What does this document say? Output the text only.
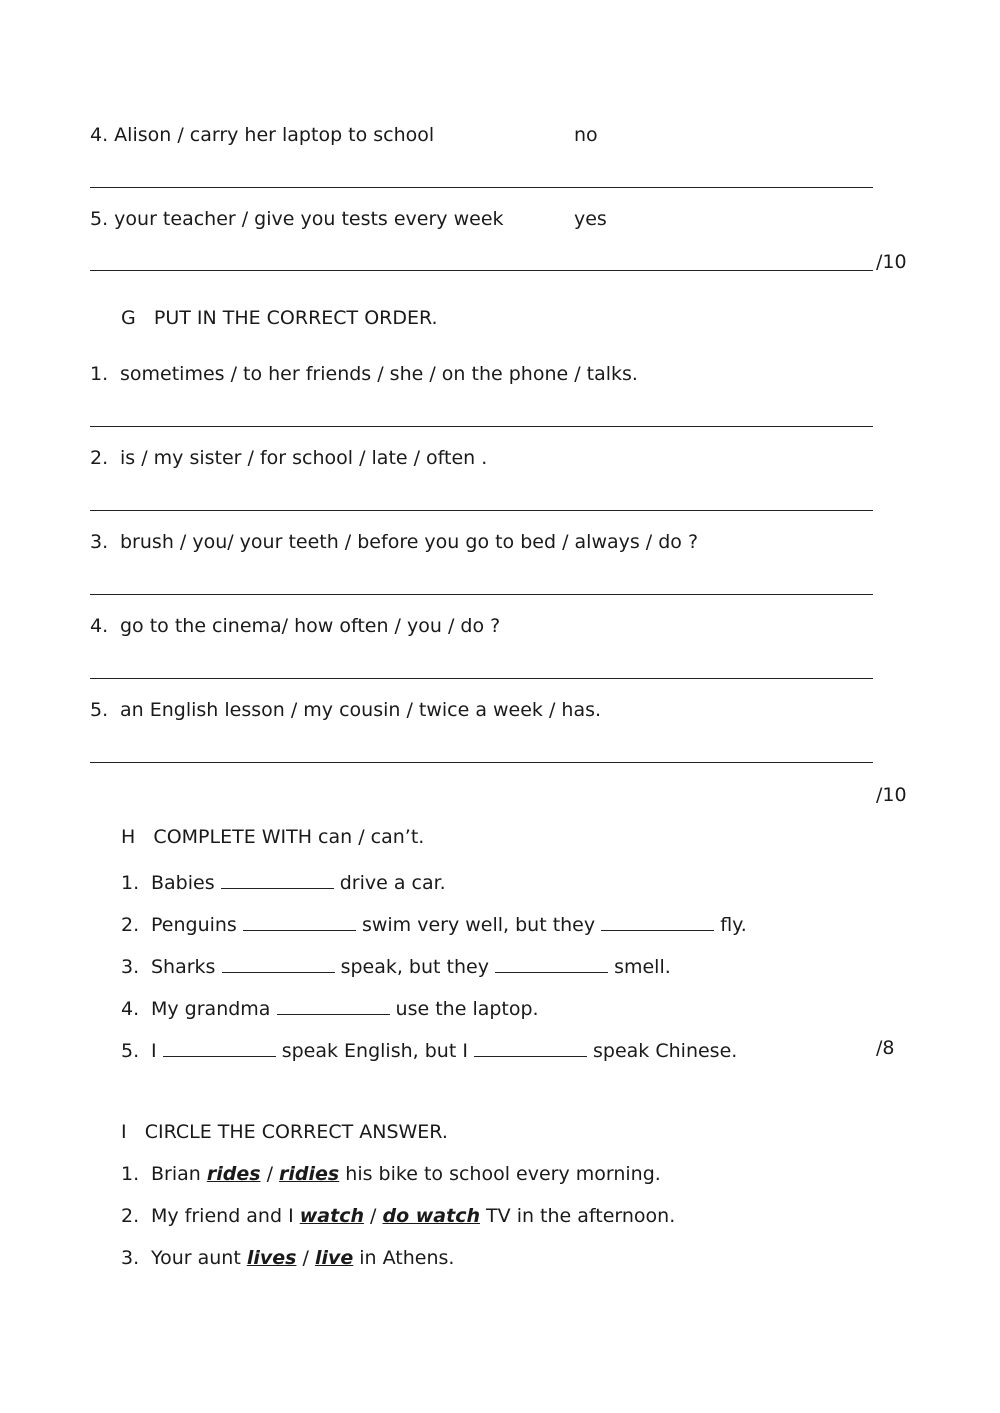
4. Alison / carry her laptop to school	no
5. your teacher / give you tests every week	yes
/10
G PUT IN THE CORRECT ORDER.
1. sometimes / to her friends / she / on the phone / talks.
2. is / my sister / for school / late / often .
3. brush / you/ your teeth / before you go to bed / always / do ?
4. go to the cinema/ how often / you / do ?
5. an English lesson / my cousin / twice a week / has.
/10
H COMPLETE WITH can / can’t.
1. Babies	drive a car.
2. Penguins	swim very well, but they	fly.
3. Sharks	speak, but they	smell.
4. My grandma	use the laptop.
5. I	speak English, but I	speak Chinese.	/8
I CIRCLE THE CORRECT ANSWER.
1. Brian rides / ridies his bike to school every morning.
2. My friend and I watch / do watch TV in the afternoon.
3. Your aunt lives / live in Athens.
